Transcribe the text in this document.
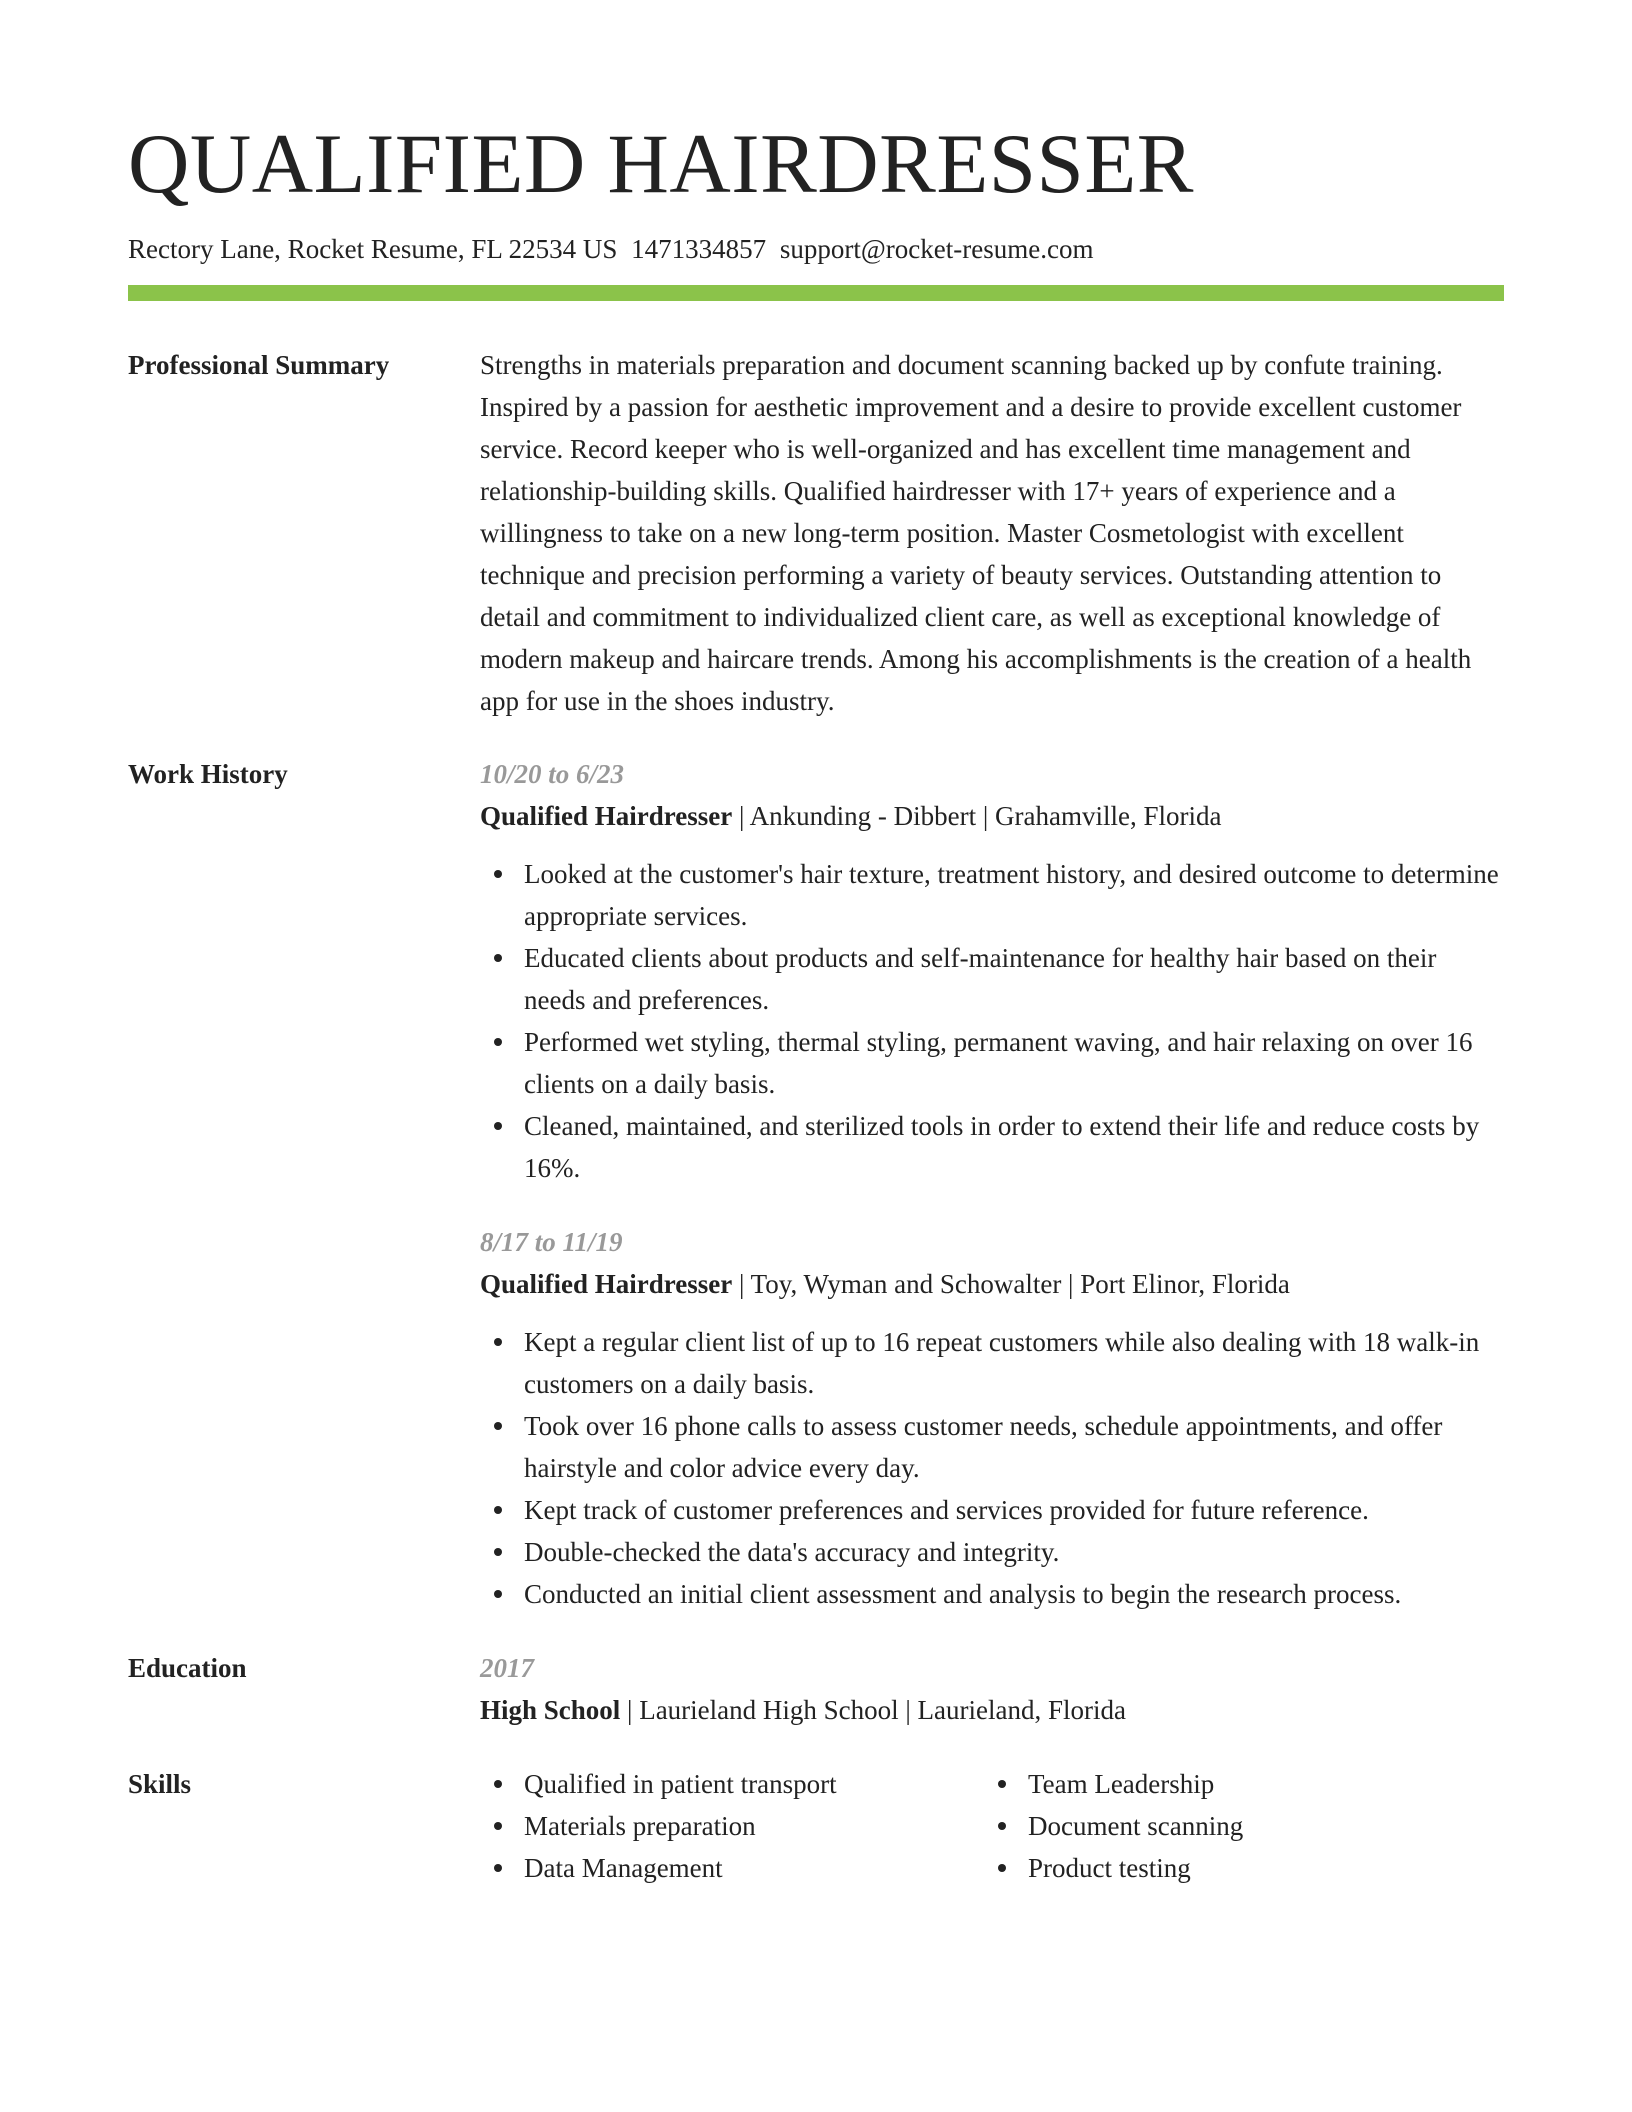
QUALIFIED HAIRDRESSER

Rectory Lane, Rocket Resume, FL 22534 US 1471334857 support@rocket-resume.com

Professional Summary	Strengths in materials preparation and document scanning backed up by confute training. Inspired by a passion for aesthetic improvement and a desire to provide excellent customer service. Record keeper who is well-organized and has excellent time management and relationship-building skills. Qualified hairdresser with 17+ years of experience and a willingness to take on a new long-term position. Master Cosmetologist with excellent technique and precision performing a variety of beauty services. Outstanding attention to detail and commitment to individualized client care, as well as exceptional knowledge of modern makeup and haircare trends. Among his accomplishments is the creation of a health app for use in the shoes industry.

Work History	10/20 to 6/23
Qualified Hairdresser | Ankunding - Dibbert | Grahamville, Florida
Looked at the customer's hair texture, treatment history, and desired outcome to determine appropriate services.
Educated clients about products and self-maintenance for healthy hair based on their needs and preferences.
Performed wet styling, thermal styling, permanent waving, and hair relaxing on over 16 clients on a daily basis.
Cleaned, maintained, and sterilized tools in order to extend their life and reduce costs by 16%.
8/17 to 11/19
Qualified Hairdresser | Toy, Wyman and Schowalter | Port Elinor, Florida
Kept a regular client list of up to 16 repeat customers while also dealing with 18 walk-in customers on a daily basis.
Took over 16 phone calls to assess customer needs, schedule appointments, and offer hairstyle and color advice every day.
Kept track of customer preferences and services provided for future reference.
Double-checked the data's accuracy and integrity.
Conducted an initial client assessment and analysis to begin the research process.
Education	2017
High School | Laurieland High School | Laurieland, Florida
Skills	Qualified in patient transport
Materials preparation
Data Management
Team Leadership
Document scanning
Product testing
